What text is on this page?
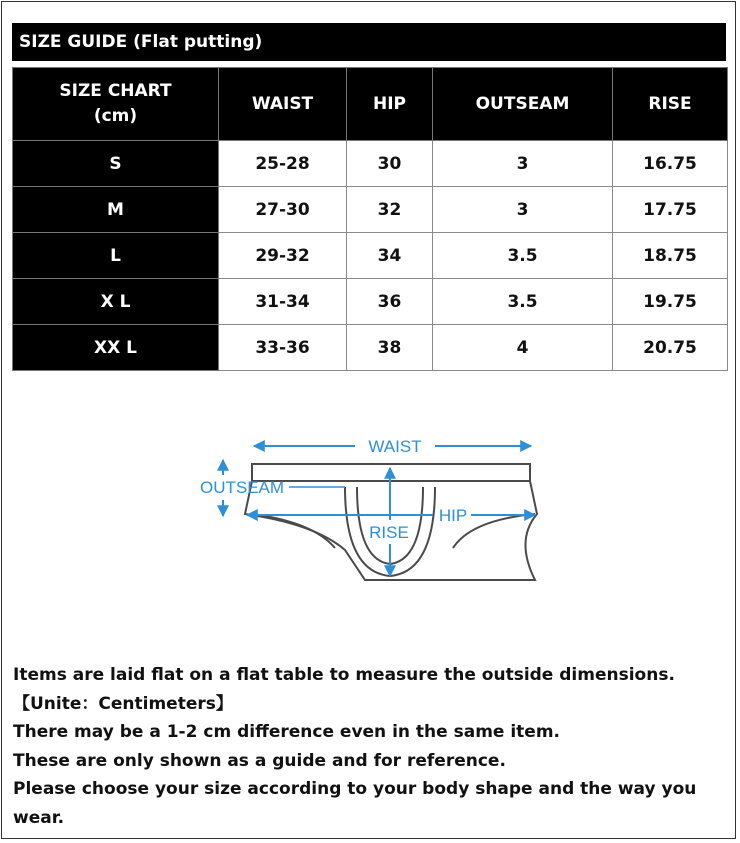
SIZE GUIDE (Flat putting)
SIZE CHART
(cm)	WAIST	HIP	OUTSEAM	RISE
S	25-28	30	3	16.75
M	27-30	32	3	17.75
L	29-32	34	3.5	18.75
X L	31-34	36	3.5	19.75
XX L	33-36	38	4	20.75
WAIST
OUTSEAM
HIP
RISE

Items are laid flat on a flat table to measure the outside dimensions.【Unite：Centimeters】

There may be a 1-2 cm difference even in the same item.

These are only shown as a guide and for reference.

Please choose your size according to your body shape and the way you wear.
